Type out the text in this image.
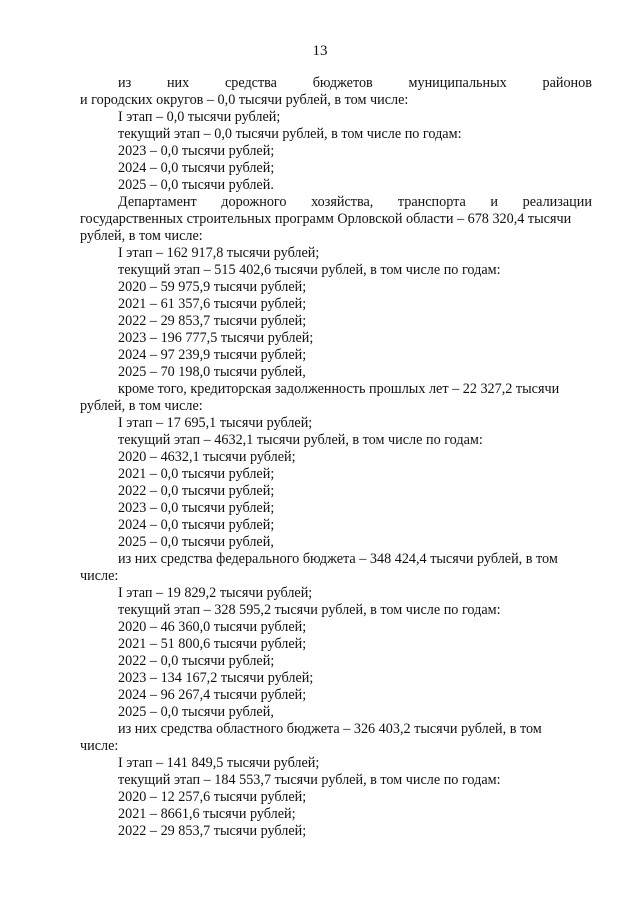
13
из	них	средства	бюджетов	муниципальных	районов
и городских округов – 0,0 тысячи рублей, в том числе:
I этап – 0,0 тысячи рублей;
текущий этап – 0,0 тысячи рублей, в том числе по годам:
2023 – 0,0 тысячи рублей;
2024 – 0,0 тысячи рублей;
2025 – 0,0 тысячи рублей.
Департамент дорожного хозяйства, транспорта и реализации
государственных строительных программ Орловской области – 678 320,4 тысячи
рублей, в том числе:
I этап – 162 917,8 тысячи рублей;
текущий этап – 515 402,6 тысячи рублей, в том числе по годам:
2020 – 59 975,9 тысячи рублей;
2021 – 61 357,6 тысячи рублей;
2022 – 29 853,7 тысячи рублей;
2023 – 196 777,5 тысячи рублей;
2024 – 97 239,9 тысячи рублей;
2025 – 70 198,0 тысячи рублей,
кроме того, кредиторская задолженность прошлых лет – 22 327,2 тысячи
рублей, в том числе:
I этап – 17 695,1 тысячи рублей;
текущий этап – 4632,1 тысячи рублей, в том числе по годам:
2020 – 4632,1 тысячи рублей;
2021 – 0,0 тысячи рублей;
2022 – 0,0 тысячи рублей;
2023 – 0,0 тысячи рублей;
2024 – 0,0 тысячи рублей;
2025 – 0,0 тысячи рублей,
из них средства федерального бюджета – 348 424,4 тысячи рублей, в том
числе:
I этап – 19 829,2 тысячи рублей;
текущий этап – 328 595,2 тысячи рублей, в том числе по годам:
2020 – 46 360,0 тысячи рублей;
2021 – 51 800,6 тысячи рублей;
2022 – 0,0 тысячи рублей;
2023 – 134 167,2 тысячи рублей;
2024 – 96 267,4 тысячи рублей;
2025 – 0,0 тысячи рублей,
из них средства областного бюджета – 326 403,2 тысячи рублей, в том
числе:
I этап – 141 849,5 тысячи рублей;
текущий этап – 184 553,7 тысячи рублей, в том числе по годам:
2020 – 12 257,6 тысячи рублей;
2021 – 8661,6 тысячи рублей;
2022 – 29 853,7 тысячи рублей;
